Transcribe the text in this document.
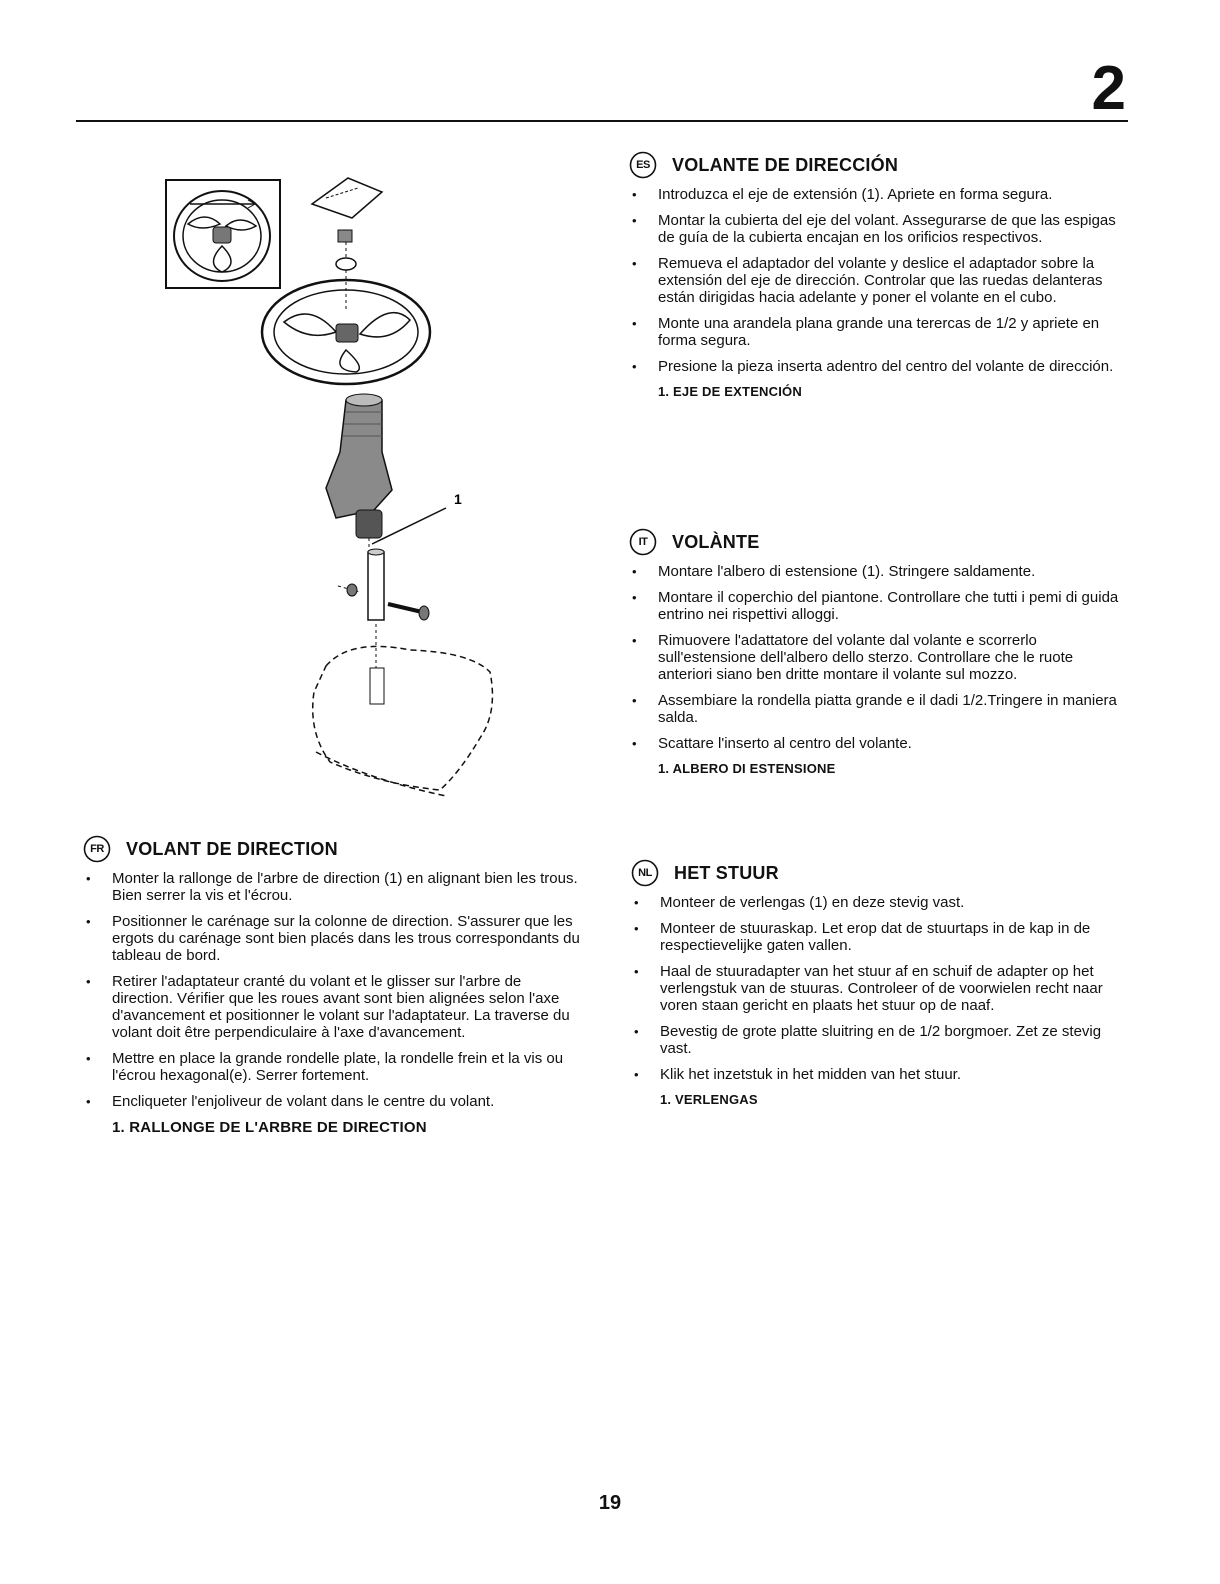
2
1
ES	VOLANTE DE DIRECCIÓN
• Introduzca el eje de extensión (1). Apriete en forma segura.
• Montar la cubierta del eje del volant. Assegurarse de que las espigas de guía de la cubierta encajan en los orificios respectivos.
• Remueva el adaptador del volante y deslice el adaptador sobre la extensión del eje de dirección. Controlar que las ruedas delanteras están dirigidas hacia adelante y poner el volante en el cubo.
• Monte una arandela plana grande una terercas de 1/2 y apriete en forma segura.
• Presione la pieza inserta adentro del centro del volante de dirección.
1. EJE DE EXTENCIÓN
IT	VOLÀNTE
• Montare l'albero di estensione (1). Stringere saldamente.
• Montare il coperchio del piantone. Controllare che tutti i pemi di guida entrino nei rispettivi alloggi.
• Rimuovere l'adattatore del volante dal volante e scorrerlo sull'estensione dell'albero dello sterzo. Controllare che le ruote anteriori siano ben dritte montare il volante sul mozzo.
• Assembiare la rondella piatta grande e il dadi 1/2.Tringere in maniera salda.
• Scattare l'inserto al centro del volante.
1. ALBERO DI ESTENSIONE
FR	VOLANT DE DIRECTION
• Monter la rallonge de l'arbre de direction (1) en alignant bien les trous. Bien serrer la vis et l'écrou.
• Positionner le carénage sur la colonne de direction. S'assurer que les ergots du carénage sont bien placés dans les trous correspondants du tableau de bord.
• Retirer l'adaptateur cranté du volant et le glisser sur l'arbre de direction. Vérifier que les roues avant sont bien alignées selon l'axe d'avancement et positionner le volant sur l'adaptateur. La traverse du volant doit être perpendiculaire à l'axe d'avancement.
• Mettre en place la grande rondelle plate, la rondelle frein et la vis ou l'écrou hexagonal(e). Serrer fortement.
• Encliqueter l'enjoliveur de volant dans le centre du volant.
1. RALLONGE DE L'ARBRE DE DIRECTION
NL	HET STUUR
• Monteer de verlengas (1) en deze stevig vast.
• Monteer de stuuraskap. Let erop dat de stuurtaps in de kap in de respectievelijke gaten vallen.
• Haal de stuuradapter van het stuur af en schuif de adapter op het verlengstuk van de stuuras. Controleer of de voorwielen recht naar voren staan gericht en plaats het stuur op de naaf.
• Bevestig de grote platte sluitring en de 1/2 borgmoer. Zet ze stevig vast.
• Klik het inzetstuk in het midden van het stuur.
1. VERLENGAS
19
